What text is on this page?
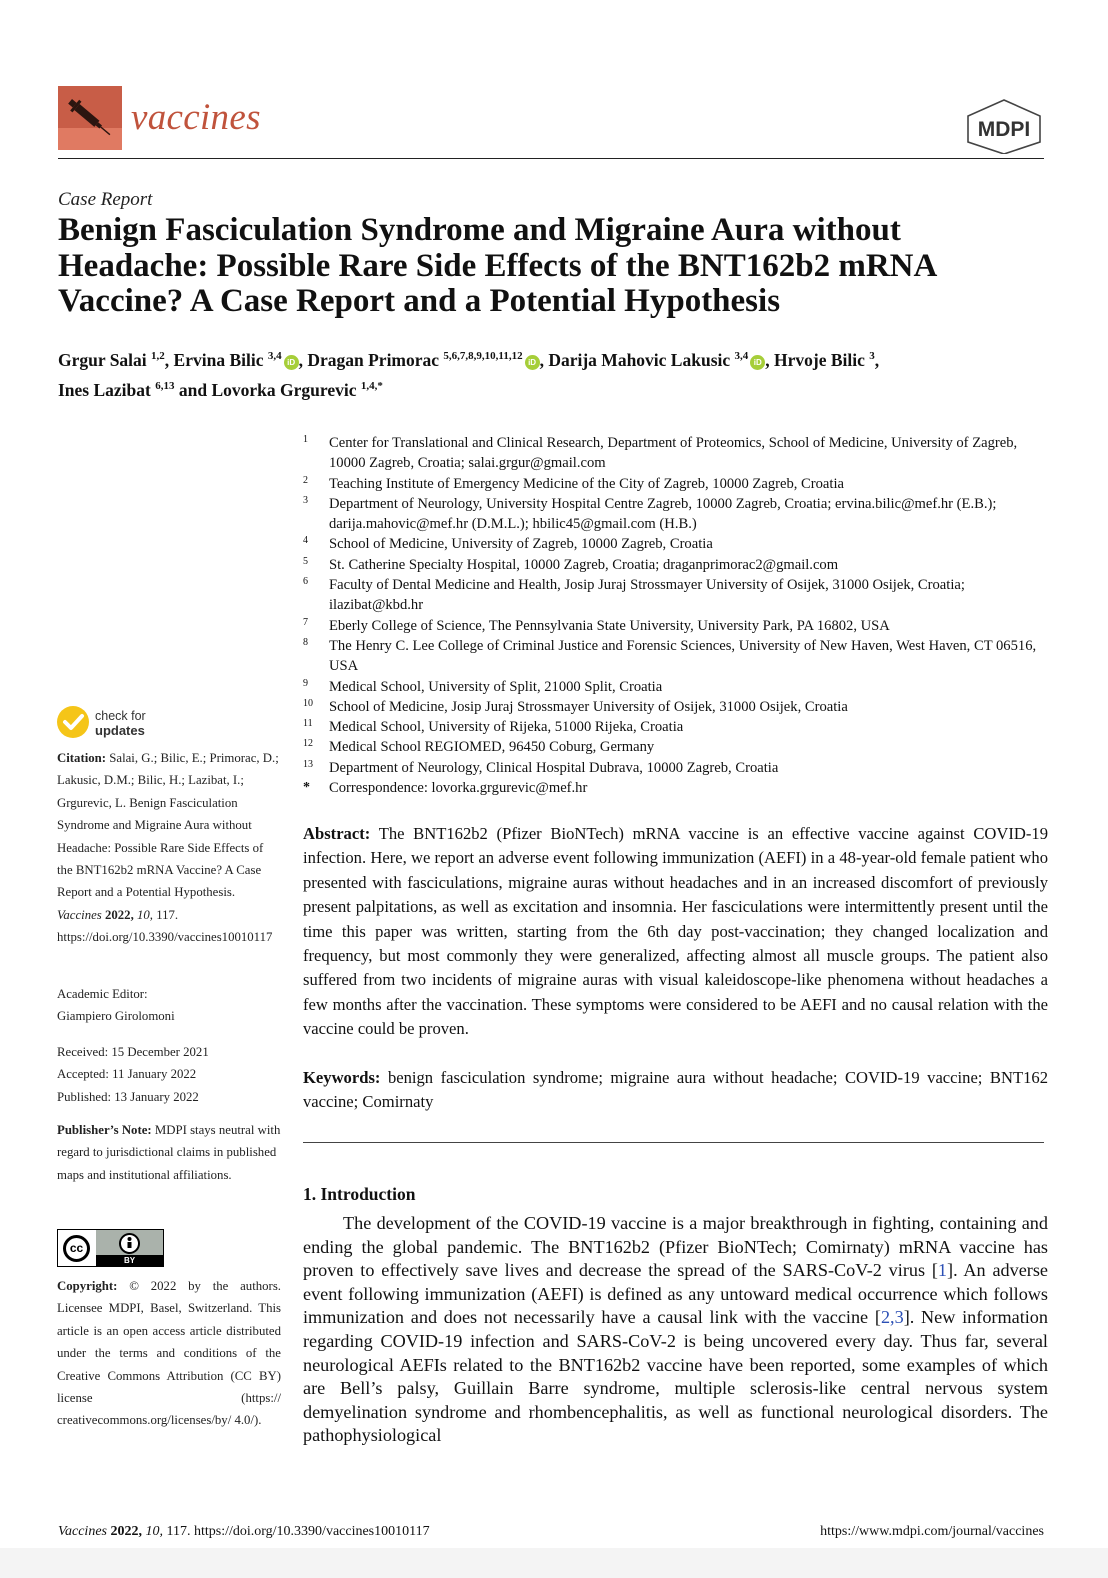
vaccines	MDPI
Case Report
Benign Fasciculation Syndrome and Migraine Aura without Headache: Possible Rare Side Effects of the BNT162b2 mRNA Vaccine? A Case Report and a Potential Hypothesis
Grgur Salai $^{1,2}$, Ervina Bilic $^{3,4}$iD , Dragan Primorac $^{5,6,7,8,9,10,11,12}$iD , Darija Mahovic Lakusic $^{3,4}$iD , Hrvoje Bilic $^3$,
Ines Lazibat $^{6,13}$ and Lovorka Grgurevic $^{1,4,*}$
1 Center for Translational and Clinical Research, Department of Proteomics, School of Medicine, University of Zagreb, 10000 Zagreb, Croatia; salai.grgur@gmail.com
2 Teaching Institute of Emergency Medicine of the City of Zagreb, 10000 Zagreb, Croatia
3 Department of Neurology, University Hospital Centre Zagreb, 10000 Zagreb, Croatia; ervina.bilic@mef.hr (E.B.); darija.mahovic@mef.hr (D.M.L.); hbilic45@gmail.com (H.B.)
4 School of Medicine, University of Zagreb, 10000 Zagreb, Croatia
5 St. Catherine Specialty Hospital, 10000 Zagreb, Croatia; draganprimorac2@gmail.com
6 Faculty of Dental Medicine and Health, Josip Juraj Strossmayer University of Osijek, 31000 Osijek, Croatia; ilazibat@kbd.hr
7 Eberly College of Science, The Pennsylvania State University, University Park, PA 16802, USA
8 The Henry C. Lee College of Criminal Justice and Forensic Sciences, University of New Haven, West Haven, CT 06516, USA
9 Medical School, University of Split, 21000 Split, Croatia
10 School of Medicine, Josip Juraj Strossmayer University of Osijek, 31000 Osijek, Croatia
11 Medical School, University of Rijeka, 51000 Rijeka, Croatia
12 Medical School REGIOMED, 96450 Coburg, Germany
13 Department of Neurology, Clinical Hospital Dubrava, 10000 Zagreb, Croatia
* Correspondence: lovorka.grgurevic@mef.hr
check for
updates
Citation: Salai, G.; Bilic, E.; Primorac, D.; Lakusic, D.M.; Bilic, H.; Lazibat, I.; Grgurevic, L. Benign Fasciculation Syndrome and Migraine Aura without Headache: Possible Rare Side Effects of the BNT162b2 mRNA Vaccine? A Case Report and a Potential Hypothesis. Vaccines 2022, 10, 117. https://doi.org/10.3390/vaccines10010117
Academic Editor:
Giampiero Girolomoni
Received: 15 December 2021
Accepted: 11 January 2022
Published: 13 January 2022
Publisher’s Note: MDPI stays neutral with regard to jurisdictional claims in published maps and institutional affiliations.
cc
BY
Copyright: © 2022 by the authors. Licensee MDPI, Basel, Switzerland. This article is an open access article distributed under the terms and conditions of the Creative Commons Attribution (CC BY) license (https:// creativecommons.org/licenses/by/ 4.0/).
Abstract: The BNT162b2 (Pfizer BioNTech) mRNA vaccine is an effective vaccine against COVID-19 infection. Here, we report an adverse event following immunization (AEFI) in a 48-year-old female patient who presented with fasciculations, migraine auras without headaches and in an increased discomfort of previously present palpitations, as well as excitation and insomnia. Her fasciculations were intermittently present until the time this paper was written, starting from the 6th day post-vaccination; they changed localization and frequency, but most commonly they were generalized, affecting almost all muscle groups. The patient also suffered from two incidents of migraine auras with visual kaleidoscope-like phenomena without headaches a few months after the vaccination. These symptoms were considered to be AEFI and no causal relation with the vaccine could be proven.
Keywords: benign fasciculation syndrome; migraine aura without headache; COVID-19 vaccine; BNT162 vaccine; Comirnaty
1. Introduction
The development of the COVID-19 vaccine is a major breakthrough in fighting, containing and ending the global pandemic. The BNT162b2 (Pfizer BioNTech; Comirnaty) mRNA vaccine has proven to effectively save lives and decrease the spread of the SARS-CoV-2 virus [1]. An adverse event following immunization (AEFI) is defined as any untoward medical occurrence which follows immunization and does not necessarily have a causal link with the vaccine [2,3]. New information regarding COVID-19 infection and SARS-CoV-2 is being uncovered every day. Thus far, several neurological AEFIs related to the BNT162b2 vaccine have been reported, some examples of which are Bell’s palsy, Guillain Barre syndrome, multiple sclerosis-like central nervous system demyelination syndrome and rhombencephalitis, as well as functional neurological disorders. The pathophysiological
Vaccines 2022, 10, 117. https://doi.org/10.3390/vaccines10010117	https://www.mdpi.com/journal/vaccines
